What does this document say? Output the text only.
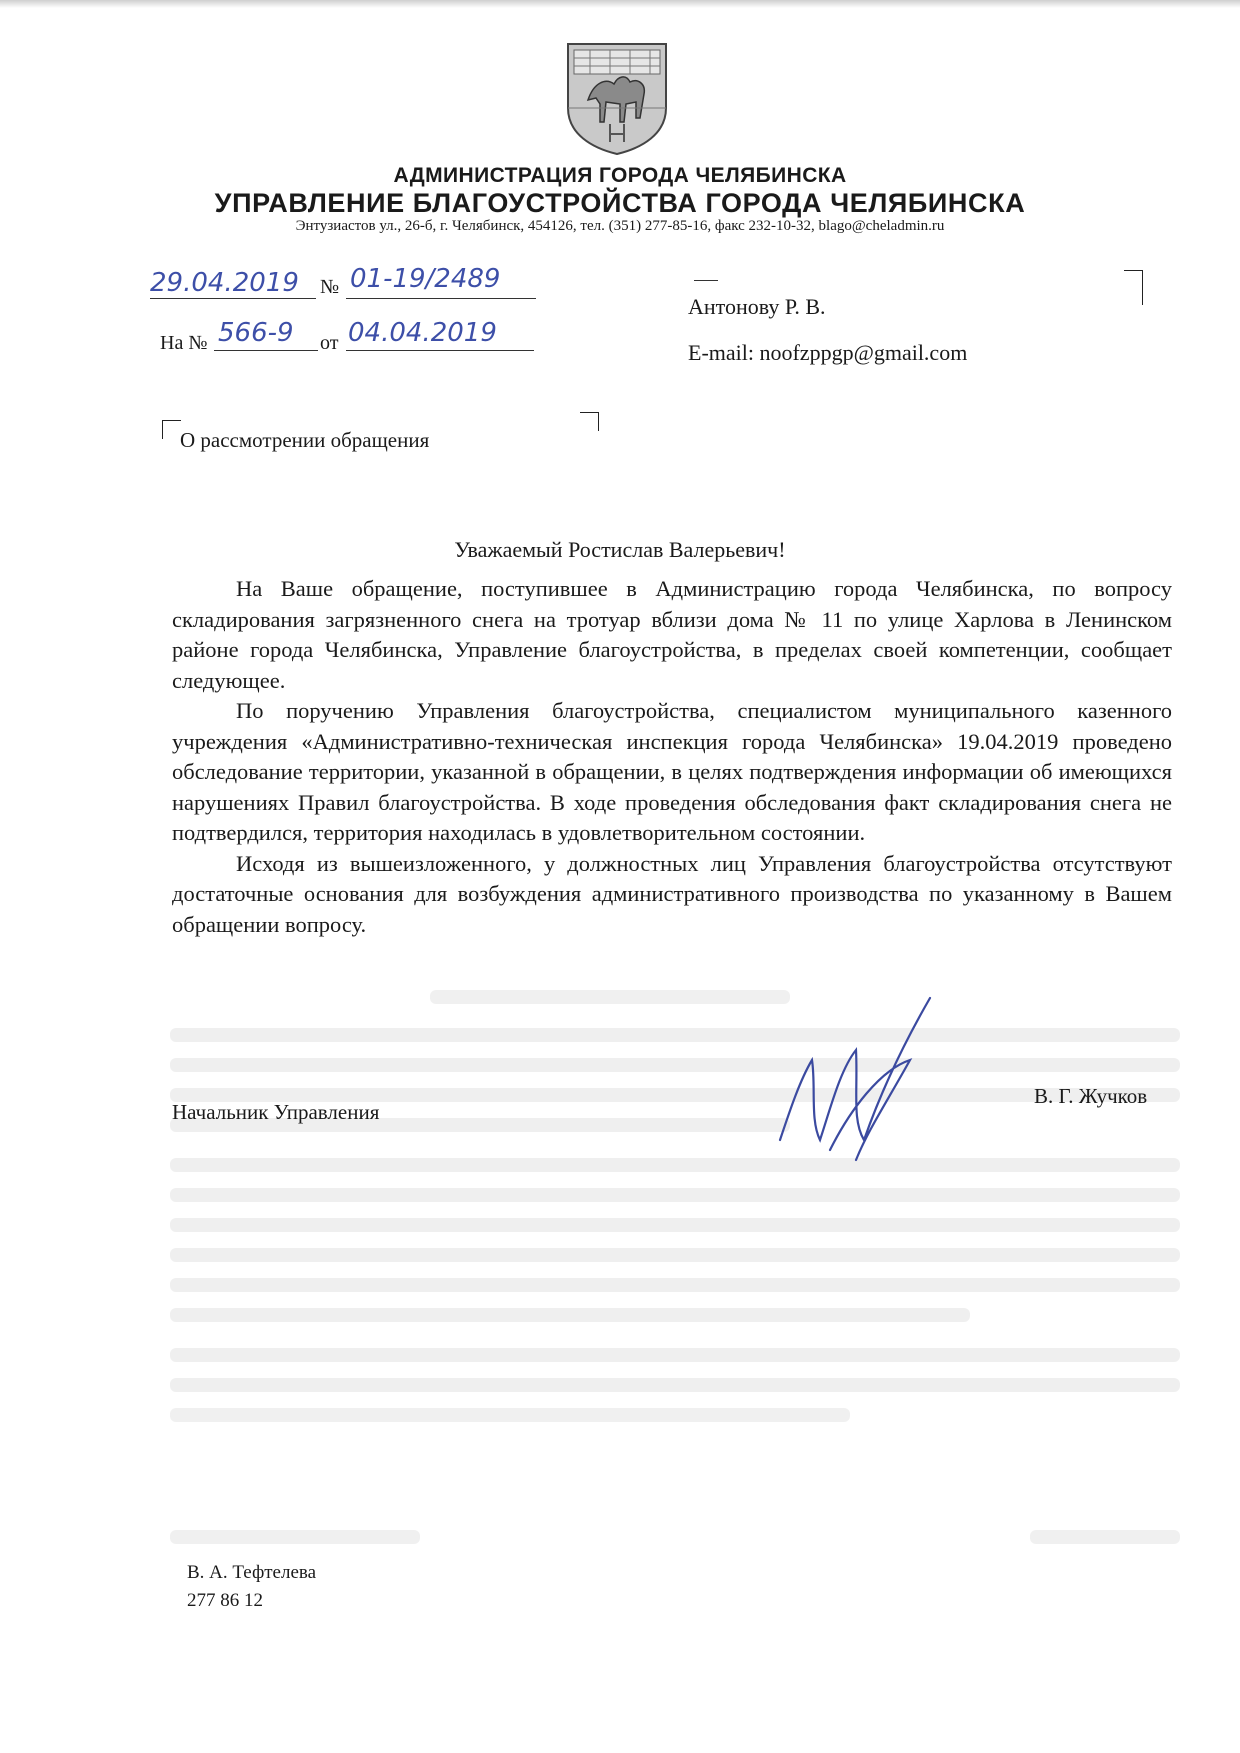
АДМИНИСТРАЦИЯ ГОРОДА ЧЕЛЯБИНСКА
УПРАВЛЕНИЕ БЛАГОУСТРОЙСТВА ГОРОДА ЧЕЛЯБИНСКА
Энтузиастов ул., 26-б, г. Челябинск, 454126, тел. (351) 277-85-16, факс 232-10-32, blago@cheladmin.ru
29.04.2019 № 01-19/2489
На № 566-9 от 04.04.2019
Антонову Р. В.
E-mail: noofzppgp@gmail.com
О рассмотрении обращения
Уважаемый Ростислав Валерьевич!

На Ваше обращение, поступившее в Администрацию города Челябинска, по вопросу складирования загрязненного снега на тротуар вблизи дома № 11 по улице Харлова в Ленинском районе города Челябинска, Управление благоустройства, в пределах своей компетенции, сообщает следующее.

По поручению Управления благоустройства, специалистом муниципального казенного учреждения «Административно-техническая инспекция города Челябинска» 19.04.2019 проведено обследование территории, указанной в обращении, в целях подтверждения информации об имеющихся нарушениях Правил благоустройства. В ходе проведения обследования факт складирования снега не подтвердился, территория находилась в удовлетворительном состоянии.

Исходя из вышеизложенного, у должностных лиц Управления благоустройства отсутствуют достаточные основания для возбуждения административного производства по указанному в Вашем обращении вопросу.

Начальник Управления
В. Г. Жучков
В. А. Тефтелева
277 86 12
